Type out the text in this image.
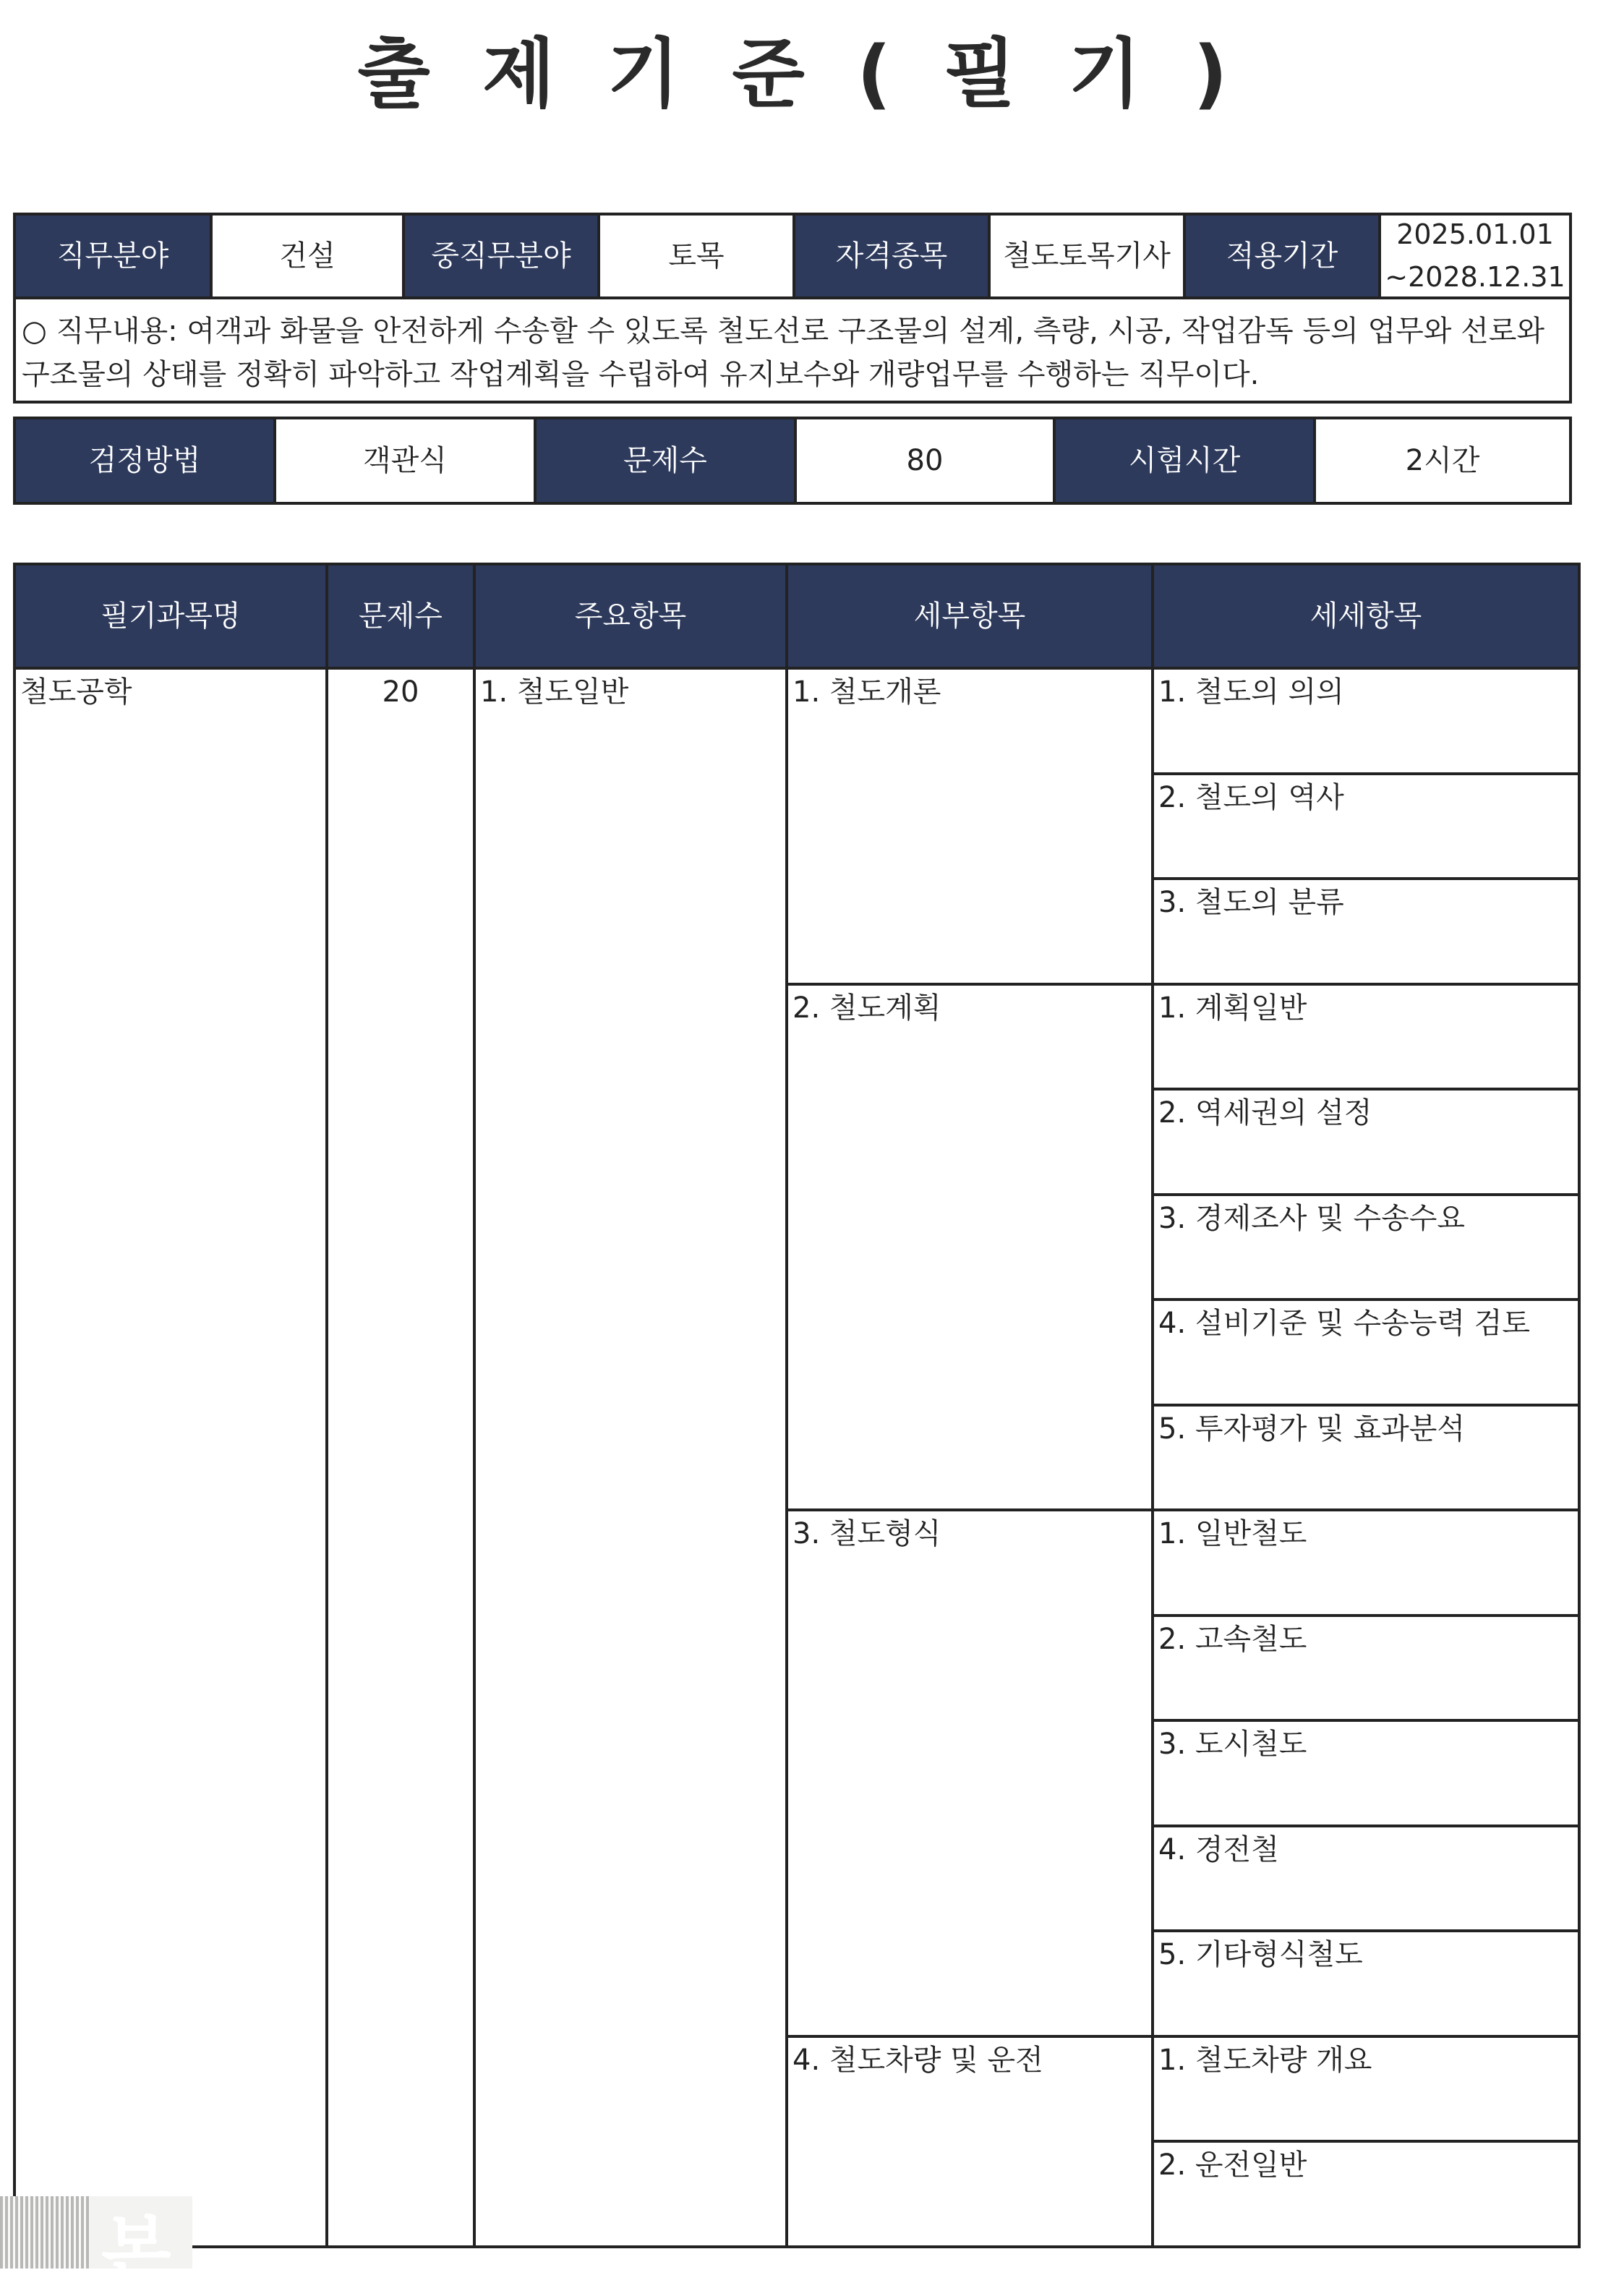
출 제 기 준 ( 필 기 )
직무분야	건설	중직무분야	토목	자격종목	철도토목기사	적용기간
2025.01.01
~2028.12.31
○ 직무내용: 여객과 화물을 안전하게 수송할 수 있도록 철도선로 구조물의 설계, 측량, 시공, 작업감독 등의 업무와 선로와 구조물의 상태를 정확히 파악하고 작업계획을 수립하여 유지보수와 개량업무를 수행하는 직무이다.
검정방법	객관식	문제수	80	시험시간	2시간
필기과목명	문제수	주요항목	세부항목	세세항목
철도공학	20	1. 철도일반	1. 철도개론	1. 철도의 의의
2. 철도의 역사
3. 철도의 분류
2. 철도계획	1. 계획일반
2. 역세권의 설정
3. 경제조사 및 수송수요
4. 설비기준 및 수송능력 검토
5. 투자평가 및 효과분석
3. 철도형식	1. 일반철도
2. 고속철도
3. 도시철도
4. 경전철
5. 기타형식철도
4. 철도차량 및 운전	1. 철도차량 개요
2. 운전일반
본
